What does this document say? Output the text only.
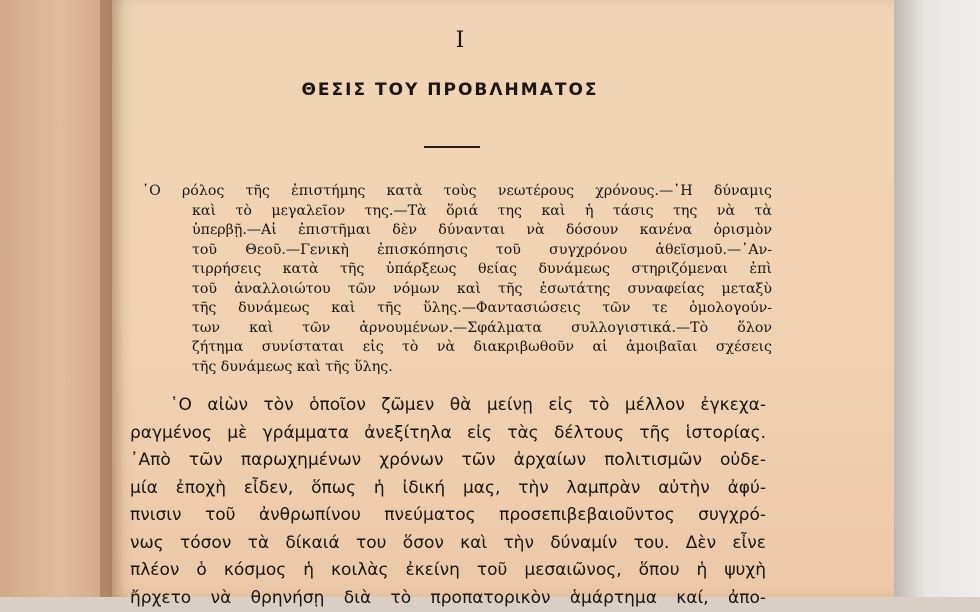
I
ΘΕΣΙΣ ΤΟΥ ΠΡΟΒΛΗΜΑΤΟΣ
῾Ο ρόλος τῆς ἐπιστήμης κατὰ τοὺς νεωτέρους χρόνους.—῾Η δύναμις
καὶ τὸ μεγαλεῖον της.—Τὰ ὅριά της καὶ ἡ τάσις της νὰ τὰ
ὑπερβῇ.—Αἱ ἐπιστῆμαι δὲν δύνανται νὰ δόσουν κανένα ὁρισμὸν
τοῦ Θεοῦ.—Γενικὴ ἐπισκόπησις τοῦ συγχρόνου ἀθεϊσμοῦ.—᾿Αν-
τιρρήσεις κατὰ τῆς ὑπάρξεως θείας δυνάμεως στηριζόμεναι ἐπὶ
τοῦ ἀναλλοιώτου τῶν νόμων καὶ τῆς ἐσωτάτης συναφείας μεταξὺ
τῆς δυνάμεως καὶ τῆς ὕλης.—Φαντασιώσεις τῶν τε ὁμολογούν-
των καὶ τῶν ἀρνουμένων.—Σφάλματα συλλογιστικά.—Τὸ ὅλον
ζήτημα συνίσταται εἰς τὸ νὰ διακριβωθοῦν αἱ ἀμοιβαῖαι σχέσεις
τῆς δυνάμεως καὶ τῆς ὕλης.
῾Ο αἰὼν τὸν ὁποῖον ζῶμεν θὰ μείνῃ εἰς τὸ μέλλον ἐγκεχα-
ραγμένος μὲ γράμματα ἀνεξίτηλα εἰς τὰς δέλτους τῆς ἱστορίας.
᾿Απὸ τῶν παρωχημένων χρόνων τῶν ἀρχαίων πολιτισμῶν οὐδε-
μία ἐποχὴ εἶδεν, ὅπως ἡ ἰδική μας, τὴν λαμπρὰν αὐτὴν ἀφύ-
πνισιν τοῦ ἀνθρωπίνου πνεύματος προσεπιβεβαιοῦντος συγχρό-
νως τόσον τὰ δίκαιά του ὅσον καὶ τὴν δύναμίν του. Δὲν εἶνε
πλέον ὁ κόσμος ἡ κοιλὰς ἐκείνη τοῦ μεσαιῶνος, ὅπου ἡ ψυχὴ
ἤρχετο νὰ θρηνήσῃ διὰ τὸ προπατορικὸν ἁμάρτημα καί, ἀπο-
